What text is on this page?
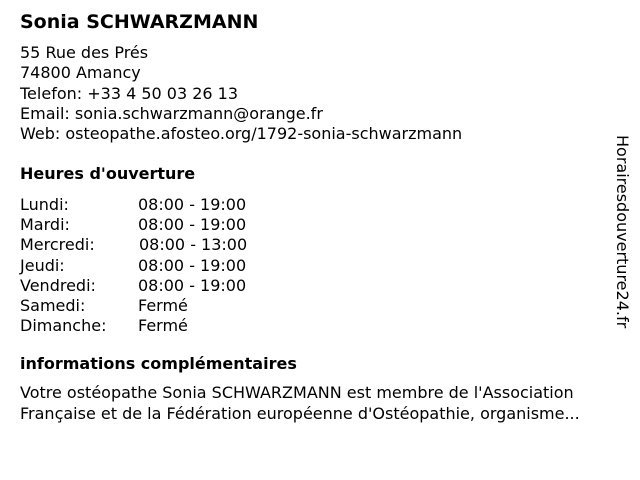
Sonia SCHWARZMANN
55 Rue des Prés
74800 Amancy
Telefon: +33 4 50 03 26 13
Email: sonia.schwarzmann@orange.fr
Web: osteopathe.afosteo.org/1792-sonia-schwarzmann
Heures d'ouverture
Lundi:	08:00 - 19:00
Mardi:	08:00 - 19:00
Mercredi:	08:00 - 13:00
Jeudi:	08:00 - 19:00
Vendredi:	08:00 - 19:00
Samedi:	Fermé
Dimanche: Fermé
informations complémentaires
Votre ostéopathe Sonia SCHWARZMANN est membre de l'Association
Française et de la Fédération européenne d'Ostéopathie, organisme...
Horairesdouverture24.fr
